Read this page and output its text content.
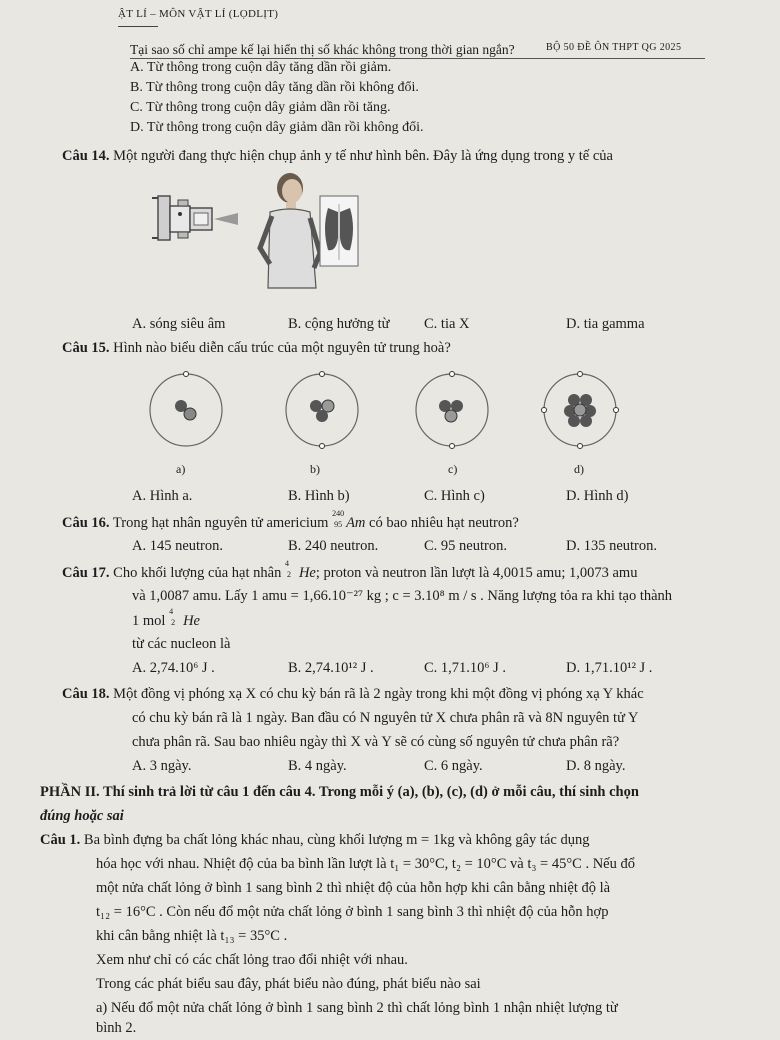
ẬT LÍ – MÔN VẬT LÍ (LỌDLỊT)
BỘ 50 ĐỀ ÔN THPT QG 2025
Tại sao số chỉ ampe kế lại hiển thị số khác không trong thời gian ngắn?
A. Từ thông trong cuộn dây tăng dần rồi giảm.
B. Từ thông trong cuộn dây tăng dần rồi không đổi.
C. Từ thông trong cuộn dây giảm dần rồi tăng.
D. Từ thông trong cuộn dây giảm dần rồi không đổi.
Câu 14. Một người đang thực hiện chụp ảnh y tế như hình bên. Đây là ứng dụng trong y tế của
A. sóng siêu âm	B. cộng hưởng từ C. tia X	D. tia gamma
Câu 15. Hình nào biểu diễn cấu trúc của một nguyên tử trung hoà?
a)	b)	c)	d)
A. Hình a.	B. Hình b)	C. Hình c)	D. Hình d)
Câu 16. Trong hạt nhân nguyên tử americium
240
95 Am có bao nhiêu hạt neutron?
A. 145 neutron.	B. 240 neutron.	C. 95 neutron.	D. 135 neutron.
Câu 17. Cho khối lượng của hạt nhân
4
2 He; proton và neutron lần lượt là 4,0015 amu; 1,0073 amu
và 1,0087 amu. Lấy 1 amu = 1,66.10⁻²⁷ kg ; c = 3.10⁸ m / s . Năng lượng tỏa ra khi tạo thành
1 mol
4
2 He
từ các nucleon là
A. 2,74.10⁶ J .	B. 2,74.10¹² J .	C. 1,71.10⁶ J .	D. 1,71.10¹² J .
Câu 18. Một đồng vị phóng xạ X có chu kỳ bán rã là 2 ngày trong khi một đồng vị phóng xạ Y khác
có chu kỳ bán rã là 1 ngày. Ban đầu có N nguyên tử X chưa phân rã và 8N nguyên tử Y
chưa phân rã. Sau bao nhiêu ngày thì X và Y sẽ có cùng số nguyên tử chưa phân rã?
A. 3 ngày.	B. 4 ngày.	C. 6 ngày.	D. 8 ngày.
PHẦN II. Thí sinh trả lời từ câu 1 đến câu 4. Trong mỗi ý (a), (b), (c), (d) ở mỗi câu, thí sinh chọn
đúng hoặc sai
Câu 1. Ba bình đựng ba chất lỏng khác nhau, cùng khối lượng m = 1kg và không gây tác dụng
hóa học với nhau. Nhiệt độ của ba bình lần lượt là t₁ = 30°C, t₂ = 10°C và t₃ = 45°C . Nếu đổ
một nửa chất lỏng ở bình 1 sang bình 2 thì nhiệt độ của hỗn hợp khi cân bằng nhiệt độ là
t₁₂ = 16°C . Còn nếu đổ một nửa chất lỏng ở bình 1 sang bình 3 thì nhiệt độ của hỗn hợp
khi cân bằng nhiệt là t₁₃ = 35°C .
Xem như chỉ có các chất lỏng trao đổi nhiệt với nhau.
Trong các phát biểu sau đây, phát biểu nào đúng, phát biểu nào sai
a) Nếu đổ một nửa chất lỏng ở bình 1 sang bình 2 thì chất lỏng bình 1 nhận nhiệt lượng từ
bình 2.
